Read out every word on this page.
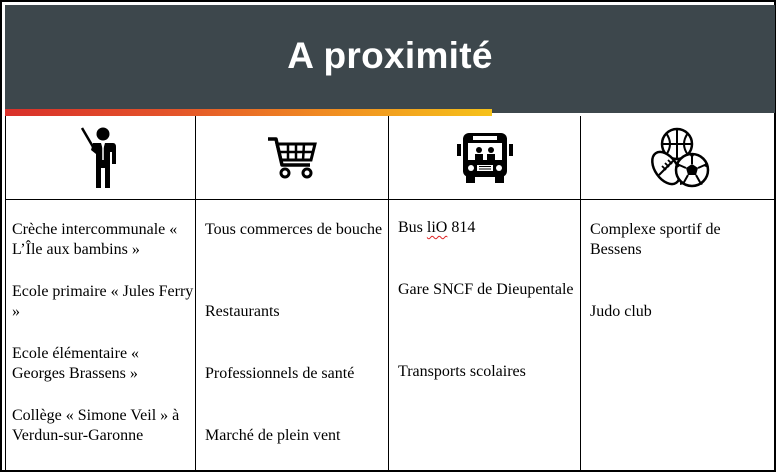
A proximité
Crèche intercommunale « L’Île aux bambins »
Ecole primaire « Jules Ferry »
Ecole élémentaire « Georges Brassens »
Collège « Simone Veil » à Verdun-sur-Garonne
Tous commerces de bouche
Restaurants
Professionnels de santé
Marché de plein vent
Bus liO 814
Gare SNCF de Dieupentale
Transports scolaires
Complexe sportif de Bessens
Judo club
